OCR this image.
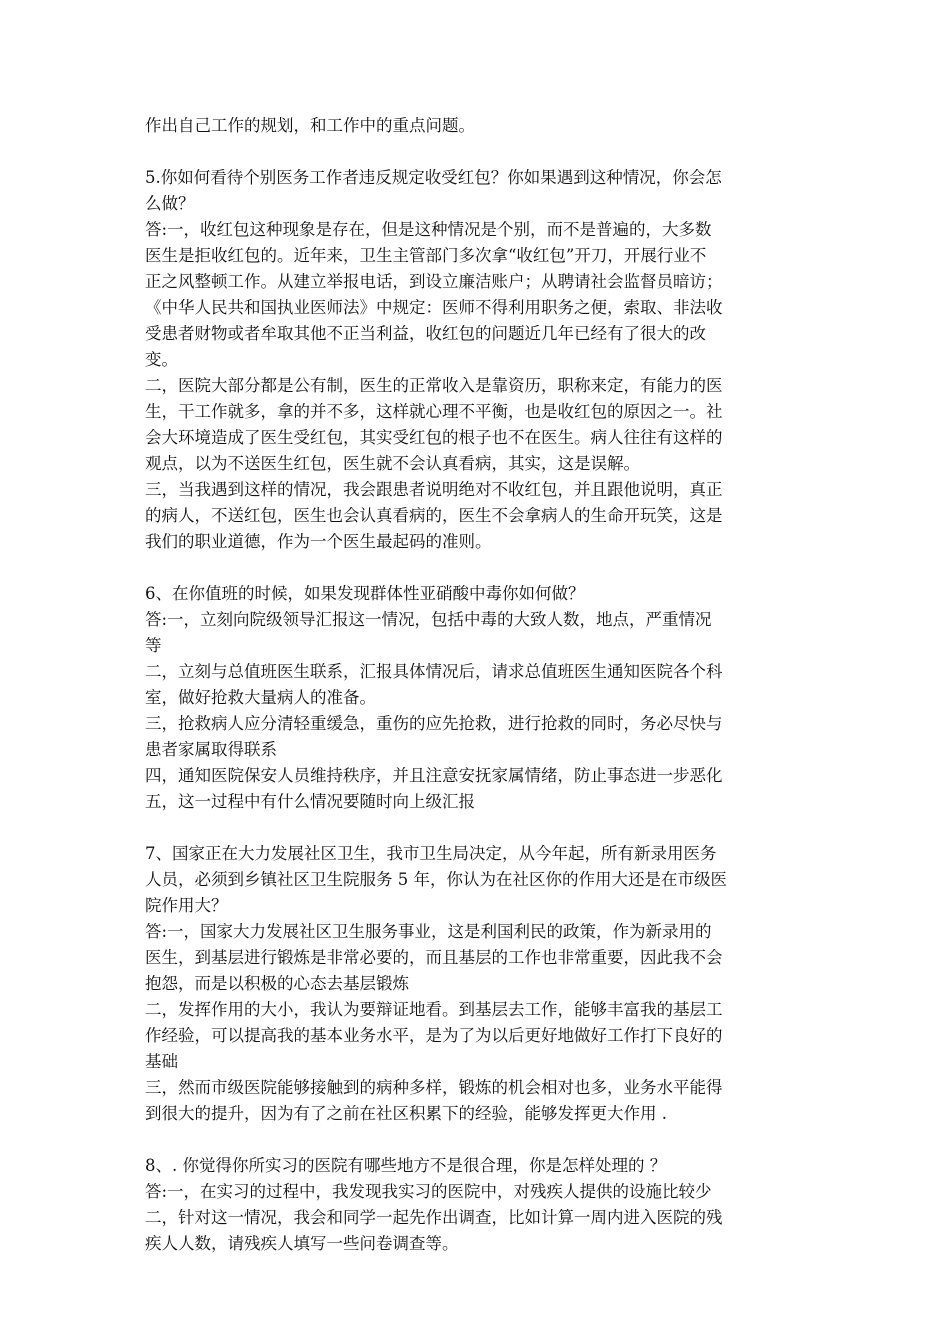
作出自己工作的规划，和工作中的重点问题。
5.你如何看待个别医务工作者违反规定收受红包？你如果遇到这种情况，你会怎
么做？
答:一，收红包这种现象是存在，但是这种情况是个别，而不是普遍的，大多数
医生是拒收红包的。近年来，卫生主管部门多次拿“收红包”开刀，开展行业不
正之风整顿工作。从建立举报电话，到设立廉洁账户；从聘请社会监督员暗访；
《中华人民共和国执业医师法》中规定：医师不得利用职务之便，索取、非法收
受患者财物或者牟取其他不正当利益，收红包的问题近几年已经有了很大的改
变。
二，医院大部分都是公有制，医生的正常收入是靠资历，职称来定，有能力的医
生，干工作就多，拿的并不多，这样就心理不平衡，也是收红包的原因之一。社
会大环境造成了医生受红包，其实受红包的根子也不在医生。病人往往有这样的
观点，以为不送医生红包，医生就不会认真看病，其实，这是误解。
三，当我遇到这样的情况，我会跟患者说明绝对不收红包，并且跟他说明，真正
的病人，不送红包，医生也会认真看病的，医生不会拿病人的生命开玩笑，这是
我们的职业道德，作为一个医生最起码的准则。
6、在你值班的时候，如果发现群体性亚硝酸中毒你如何做？
答:一，立刻向院级领导汇报这一情况，包括中毒的大致人数，地点，严重情况
等
二，立刻与总值班医生联系，汇报具体情况后，请求总值班医生通知医院各个科
室，做好抢救大量病人的准备。
三，抢救病人应分清轻重缓急，重伤的应先抢救，进行抢救的同时，务必尽快与
患者家属取得联系
四，通知医院保安人员维持秩序，并且注意安抚家属情绪，防止事态进一步恶化
五，这一过程中有什么情况要随时向上级汇报
7、国家正在大力发展社区卫生，我市卫生局决定，从今年起，所有新录用医务
人员，必须到乡镇社区卫生院服务 5 年，你认为在社区你的作用大还是在市级医
院作用大？
答:一，国家大力发展社区卫生服务事业，这是利国利民的政策，作为新录用的
医生，到基层进行锻炼是非常必要的，而且基层的工作也非常重要，因此我不会
抱怨，而是以积极的心态去基层锻炼
二，发挥作用的大小，我认为要辩证地看。到基层去工作，能够丰富我的基层工
作经验，可以提高我的基本业务水平，是为了为以后更好地做好工作打下良好的
基础
三，然而市级医院能够接触到的病种多样，锻炼的机会相对也多，业务水平能得
到很大的提升，因为有了之前在社区积累下的经验，能够发挥更大作用 .
8、. 你觉得你所实习的医院有哪些地方不是很合理，你是怎样处理的 ？
答:一，在实习的过程中，我发现我实习的医院中，对残疾人提供的设施比较少
二，针对这一情况，我会和同学一起先作出调查，比如计算一周内进入医院的残
疾人人数，请残疾人填写一些问卷调查等。
